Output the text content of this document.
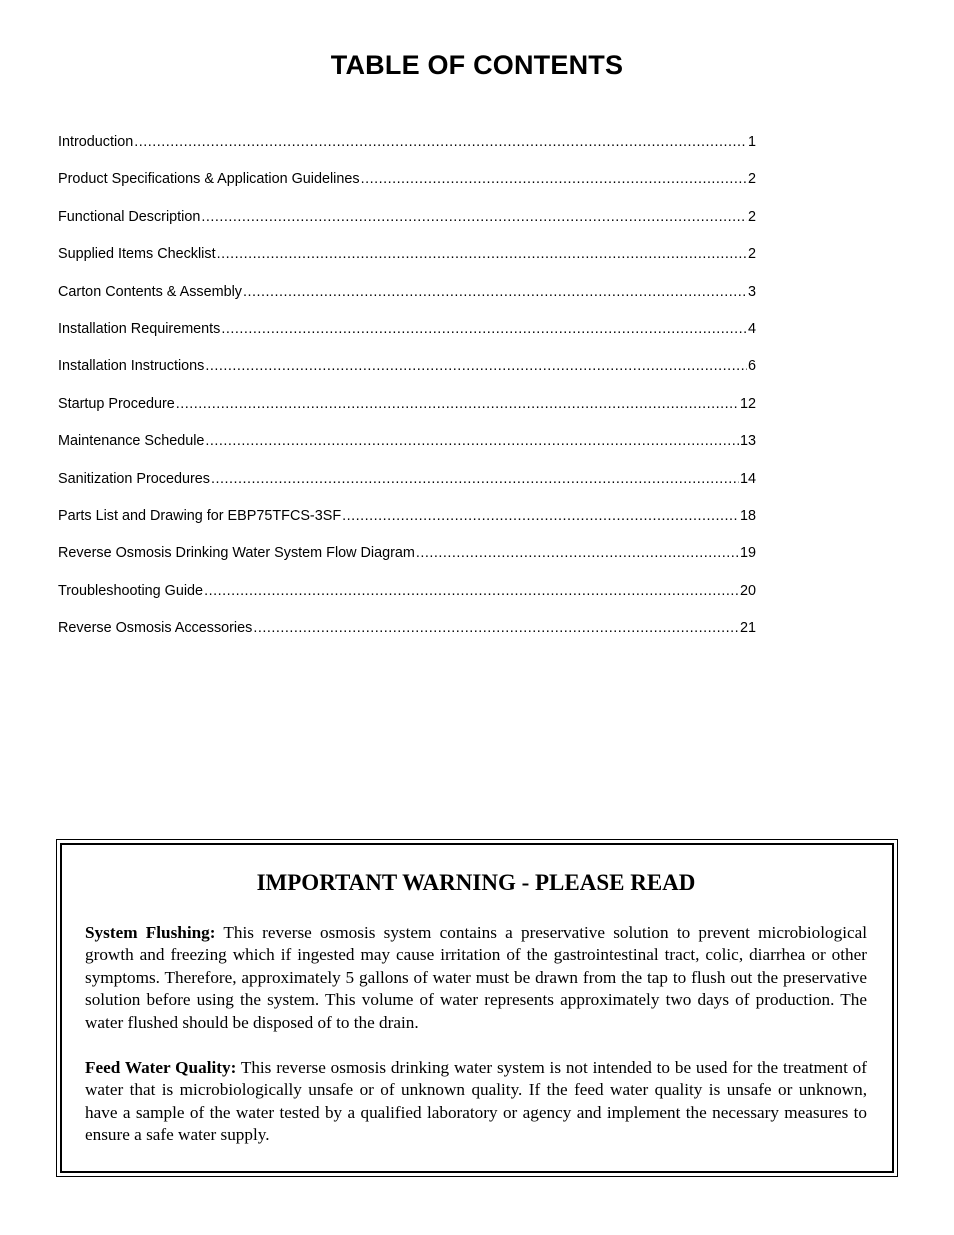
TABLE OF CONTENTS
Introduction .....	1
Product Specifications & Application Guidelines .....	2
Functional Description .....	2
Supplied Items Checklist .....	2
Carton Contents & Assembly .....	3
Installation Requirements .....	4
Installation Instructions .....	6
Startup Procedure .....	12
Maintenance Schedule .....	13
Sanitization Procedures .....	14
Parts List and Drawing for EBP75TFCS-3SF .....	18
Reverse Osmosis Drinking Water System Flow Diagram .....	19
Troubleshooting Guide .....	20
Reverse Osmosis Accessories .....	21
IMPORTANT WARNING - PLEASE READ

System Flushing: This reverse osmosis system contains a preservative solution to prevent microbiological growth and freezing which if ingested may cause irritation of the gastrointestinal tract, colic, diarrhea or other symptoms. Therefore, approximately 5 gallons of water must be drawn from the tap to flush out the preservative solution before using the system. This volume of water represents approximately two days of production. The water flushed should be disposed of to the drain.

Feed Water Quality: This reverse osmosis drinking water system is not intended to be used for the treatment of water that is microbiologically unsafe or of unknown quality. If the feed water quality is unsafe or unknown, have a sample of the water tested by a qualified laboratory or agency and implement the necessary measures to ensure a safe water supply.
